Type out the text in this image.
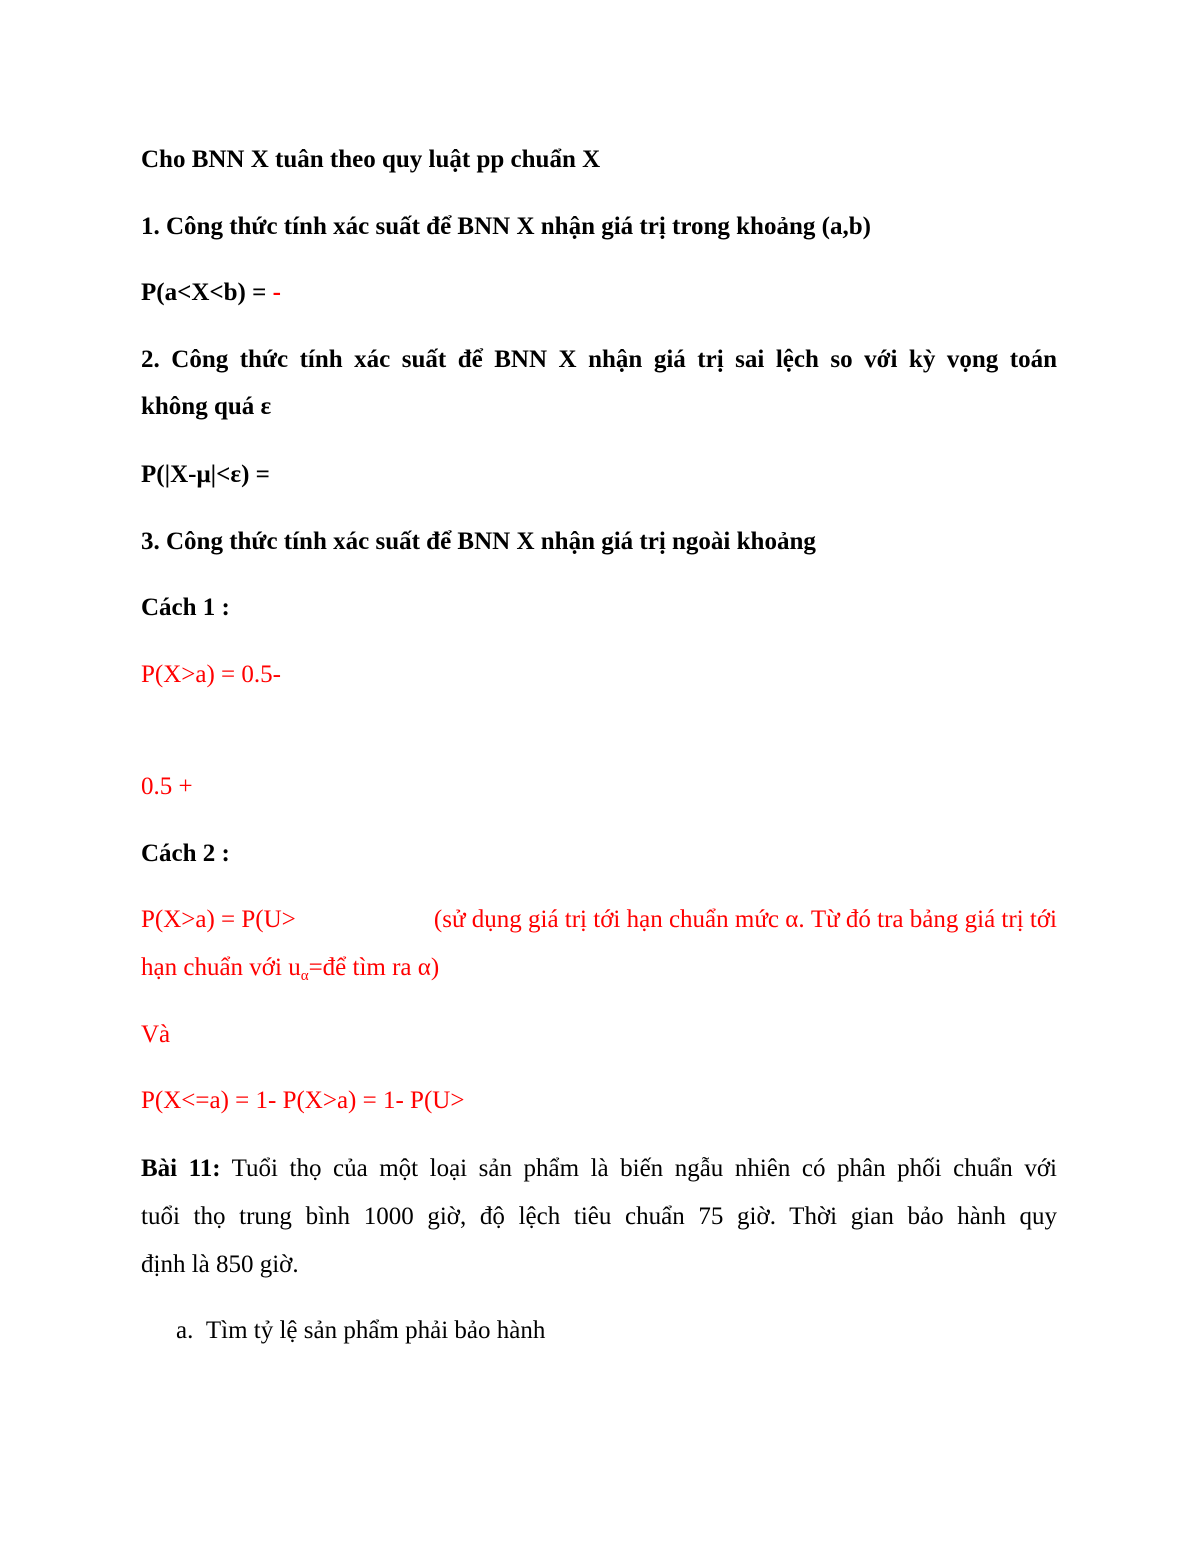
Cho BNN X tuân theo quy luật pp chuẩn X

1. Công thức tính xác suất để BNN X nhận giá trị trong khoảng (a,b)

P(a<X<b) = -

2. Công thức tính xác suất để BNN X nhận giá trị sai lệch so với kỳ vọng toán

không quá ε

P(|X-μ|<ε) =

3. Công thức tính xác suất để BNN X nhận giá trị ngoài khoảng

Cách 1 :

P(X>a) = 0.5-

0.5 +

Cách 2 :

P(X>a) = P(U>	(sử dụng giá trị tới hạn chuẩn mức α. Từ đó tra bảng giá trị tới

hạn chuẩn với $u_\alpha=để$ tìm ra α)

Và

P(X<=a) = 1- P(X>a) = 1- P(U>

Bài 11: Tuổi thọ của một loại sản phẩm là biến ngẫu nhiên có phân phối chuẩn với

tuổi thọ trung bình 1000 giờ, độ lệch tiêu chuẩn 75 giờ. Thời gian bảo hành quy

định là 850 giờ.

a. Tìm tỷ lệ sản phẩm phải bảo hành
